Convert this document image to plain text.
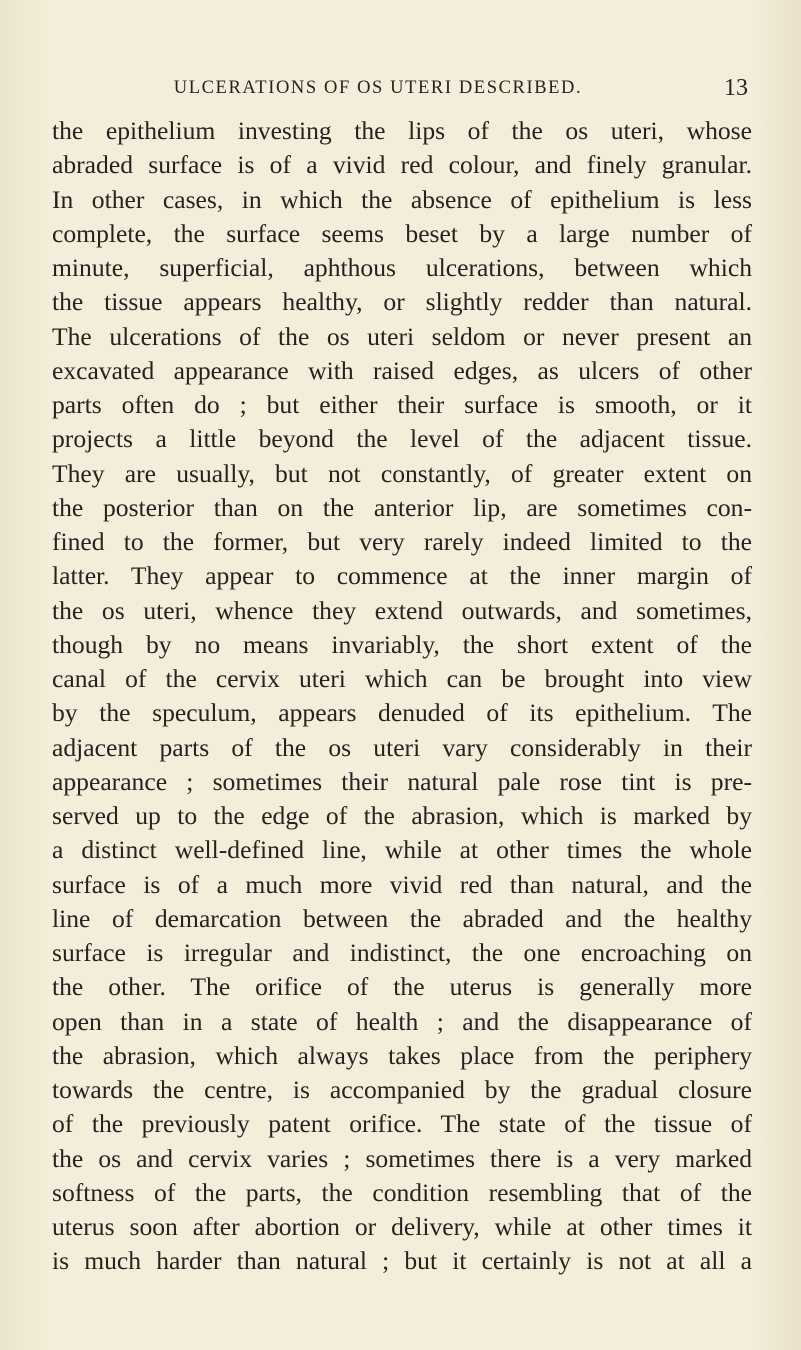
ULCERATIONS OF OS UTERI DESCRIBED.	13
the epithelium investing the lips of the os uteri, whose
abraded surface is of a vivid red colour, and finely granular.
In other cases, in which the absence of epithelium is less
complete, the surface seems beset by a large number of
minute, superficial, aphthous ulcerations, between which
the tissue appears healthy, or slightly redder than natural.
The ulcerations of the os uteri seldom or never present an
excavated appearance with raised edges, as ulcers of other
parts often do ; but either their surface is smooth, or it
projects a little beyond the level of the adjacent tissue.
They are usually, but not constantly, of greater extent on
the posterior than on the anterior lip, are sometimes con-
fined to the former, but very rarely indeed limited to the
latter. They appear to commence at the inner margin of
the os uteri, whence they extend outwards, and sometimes,
though by no means invariably, the short extent of the
canal of the cervix uteri which can be brought into view
by the speculum, appears denuded of its epithelium. The
adjacent parts of the os uteri vary considerably in their
appearance ; sometimes their natural pale rose tint is pre-
served up to the edge of the abrasion, which is marked by
a distinct well-defined line, while at other times the whole
surface is of a much more vivid red than natural, and the
line of demarcation between the abraded and the healthy
surface is irregular and indistinct, the one encroaching on
the other. The orifice of the uterus is generally more
open than in a state of health ; and the disappearance of
the abrasion, which always takes place from the periphery
towards the centre, is accompanied by the gradual closure
of the previously patent orifice. The state of the tissue of
the os and cervix varies ; sometimes there is a very marked
softness of the parts, the condition resembling that of the
uterus soon after abortion or delivery, while at other times it
is much harder than natural ; but it certainly is not at all a
